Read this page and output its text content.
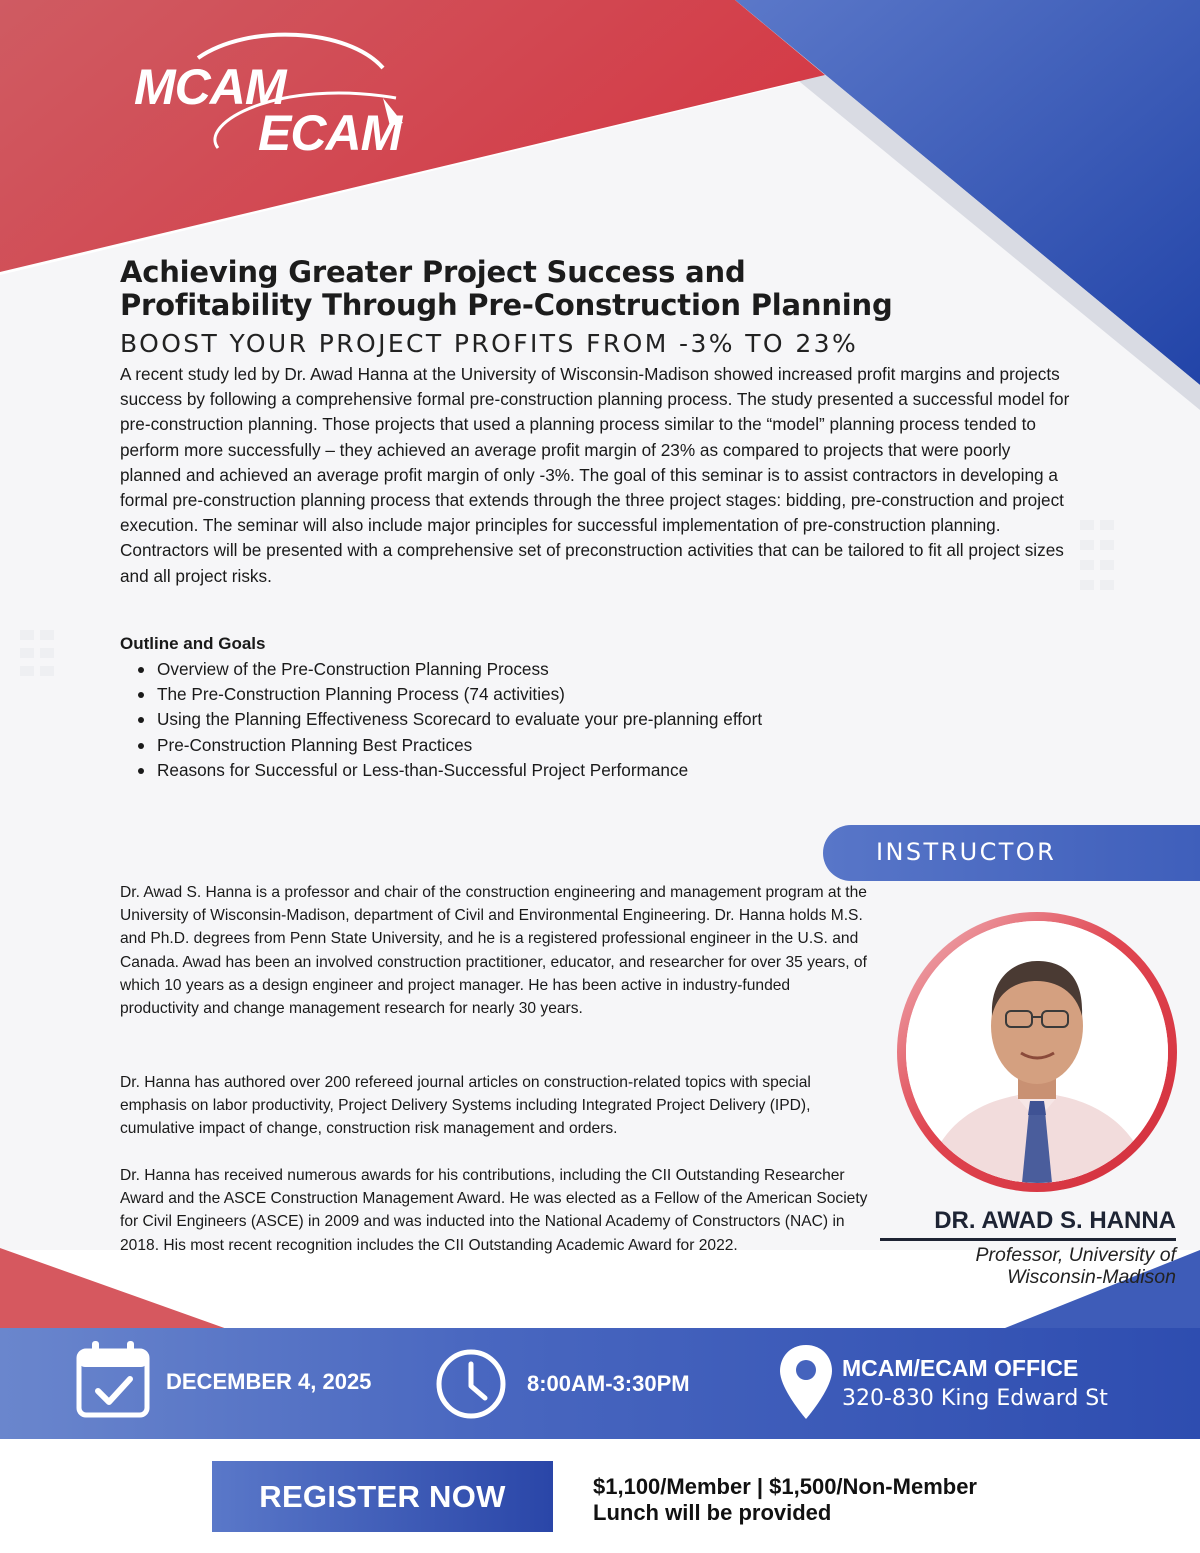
MCAM
ECAM
Achieving Greater Project Success and
Profitability Through Pre-Construction Planning
BOOST YOUR PROJECT PROFITS FROM -3% TO 23%

A recent study led by Dr. Awad Hanna at the University of Wisconsin-Madison showed increased profit margins and projects success by following a comprehensive formal pre-construction planning process. The study presented a successful model for pre-construction planning. Those projects that used a planning process similar to the “model” planning process tended to perform more successfully – they achieved an average profit margin of 23% as compared to projects that were poorly planned and achieved an average profit margin of only -3%. The goal of this seminar is to assist contractors in developing a formal pre-construction planning process that extends through the three project stages: bidding, pre-construction and project execution. The seminar will also include major principles for successful implementation of pre-construction planning. Contractors will be presented with a comprehensive set of preconstruction activities that can be tailored to fit all project sizes and all project risks.

Outline and Goals
Overview of the Pre-Construction Planning Process
The Pre-Construction Planning Process (74 activities)
Using the Planning Effectiveness Scorecard to evaluate your pre-planning effort
Pre-Construction Planning Best Practices
Reasons for Successful or Less-than-Successful Project Performance
INSTRUCTOR

Dr. Awad S. Hanna is a professor and chair of the construction engineering and management program at the University of Wisconsin-Madison, department of Civil and Environmental Engineering. Dr. Hanna holds M.S. and Ph.D. degrees from Penn State University, and he is a registered professional engineer in the U.S. and Canada. Awad has been an involved construction practitioner, educator, and researcher for over 35 years, of which 10 years as a design engineer and project manager. He has been active in industry-funded productivity and change management research for nearly 30 years.

Dr. Hanna has authored over 200 refereed journal articles on construction-related topics with special emphasis on labor productivity, Project Delivery Systems including Integrated Project Delivery (IPD), cumulative impact of change, construction risk management and orders.

Dr. Hanna has received numerous awards for his contributions, including the CII Outstanding Researcher Award and the ASCE Construction Management Award. He was elected as a Fellow of the American Society for Civil Engineers (ASCE) in 2009 and was inducted into the National Academy of Constructors (NAC) in 2018. His most recent recognition includes the CII Outstanding Academic Award for 2022.

DR. AWAD S. HANNA
Professor, University of
Wisconsin-Madison
DECEMBER 4, 2025	8:00AM-3:30PM
MCAM/ECAM OFFICE
320-830 King Edward St
REGISTER NOW	$1,100/Member | $1,500/Non-Member
Lunch will be provided
